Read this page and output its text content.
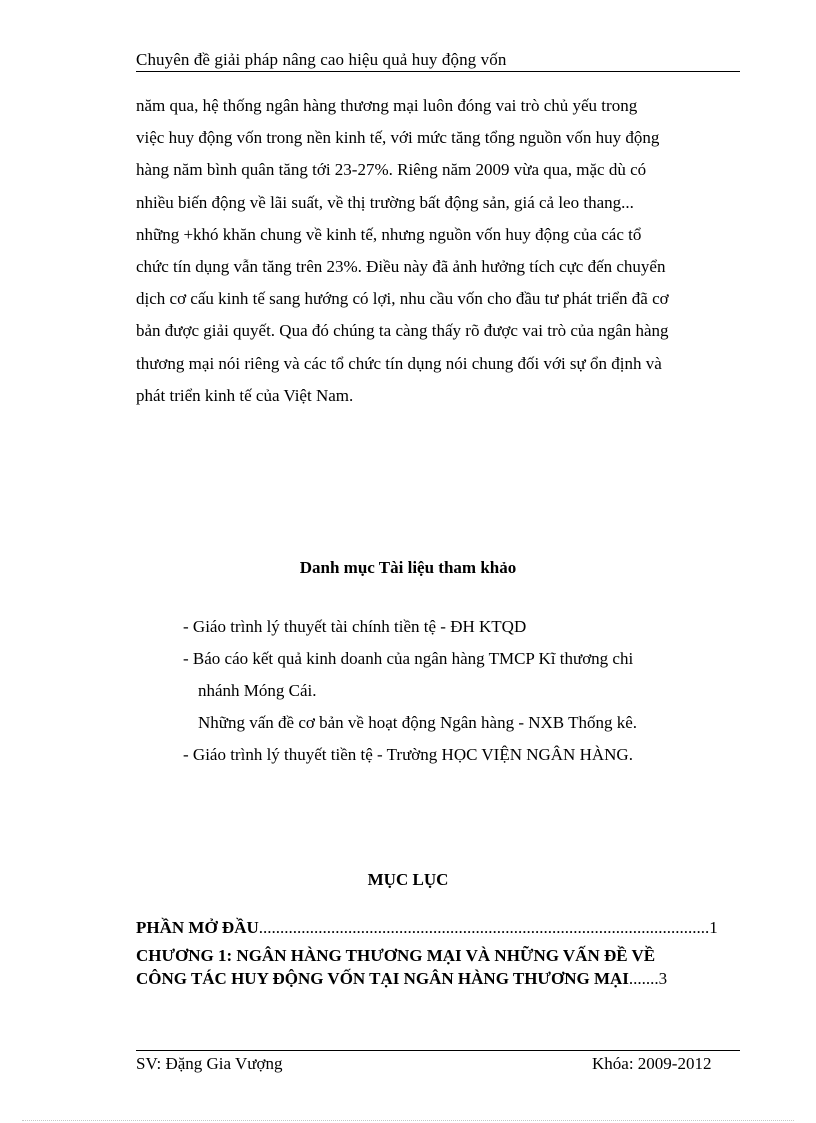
Chuyên đề giải pháp nâng cao hiệu quả huy động vốn
năm qua, hệ thống ngân hàng thương mại luôn đóng vai trò chủ yếu trong
việc huy động vốn trong nền kinh tế, với mức tăng tổng nguồn vốn huy động
hàng năm bình quân tăng tới 23-27%. Riêng năm 2009 vừa qua, mặc dù có
nhiều biến động về lãi suất, về thị trường bất động sản, giá cả leo thang...
những +khó khăn chung về kinh tế, nhưng nguồn vốn huy động của các tổ
chức tín dụng vẫn tăng trên 23%. Điều này đã ảnh hưởng tích cực đến chuyển
dịch cơ cấu kinh tế sang hướng có lợi, nhu cầu vốn cho đầu tư phát triển đã cơ
bản được giải quyết. Qua đó chúng ta càng thấy rõ được vai trò của ngân hàng
thương mại nói riêng và các tổ chức tín dụng nói chung đối với sự ổn định và
phát triển kinh tế của Việt Nam.
Danh mục Tài liệu tham khảo
- Giáo trình lý thuyết tài chính tiền tệ - ĐH KTQD
- Báo cáo kết quả kinh doanh của ngân hàng TMCP Kĩ thương chi
nhánh Móng Cái.
Những vấn đề cơ bản về hoạt động Ngân hàng - NXB Thống kê.
- Giáo trình lý thuyết tiền tệ - Trường HỌC VIỆN NGÂN HÀNG.
MỤC LỤC
PHẦN MỞ ĐẦU..........................................................................................................1
CHƯƠNG 1: NGÂN HÀNG THƯƠNG MẠI VÀ NHỮNG VẤN ĐỀ VỀ
CÔNG TÁC HUY ĐỘNG VỐN TẠI NGÂN HÀNG THƯƠNG MẠI.......3
SV: Đặng Gia Vượng	Khóa: 2009-2012
